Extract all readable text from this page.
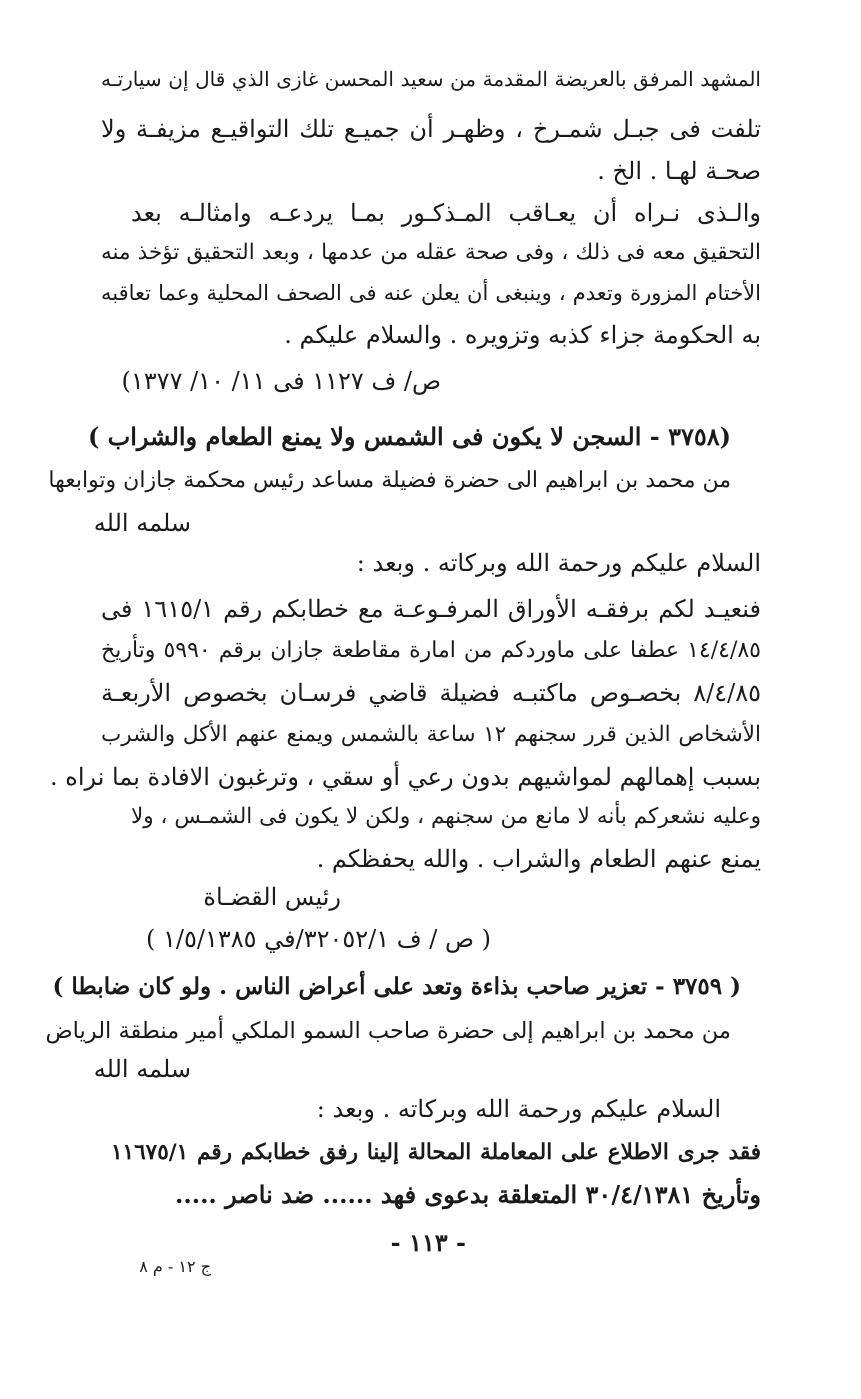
المشهد المرفق بالعريضة المقدمة من سعيد المحسن غازى الذي قال إن سيارتـه
تلفت فى جبـل شمـرخ ، وظهـر أن جميـع تلك التواقيـع مزيفـة ولا
صحـة لهـا . الخ .
والـذى نـراه أن يعـاقب المـذكـور بمـا يردعـه وامثالـه بعد
التحقيق معه فى ذلك ، وفى صحة عقله من عدمها ، وبعد التحقيق تؤخذ منه
الأختام المزورة وتعدم ، وينبغى أن يعلن عنه فى الصحف المحلية وعما تعاقبه
به الحكومة جزاء كذبه وتزويره . والسلام عليكم .
ص/ ف ١١٢٧ فى ١١/ ١٠/ ١٣٧٧)
(٣٧٥٨ - السجن لا يكون فى الشمس ولا يمنع الطعام والشراب )
من محمد بن ابراهيم الى حضرة فضيلة مساعد رئيس محكمة جازان وتوابعها
سلمه الله
السلام عليكم ورحمة الله وبركاته . وبعد :
فنعيـد لكم برفقـه الأوراق المرفـوعـة مع خطابكم رقم ١٦١٥/١ فى
١٤/٤/٨٥ عطفا على ماوردكم من امارة مقاطعة جازان برقم ٥٩٩٠ وتأريخ
٨/٤/٨٥ بخصـوص ماكتبـه فضيلة قاضي فرسـان بخصوص الأربعـة
الأشخاص الذين قرر سجنهم ١٢ ساعة بالشمس ويمنع عنهم الأكل والشرب
بسبب إهمالهم لمواشيهم بدون رعي أو سقي ، وترغبون الافادة بما نراه .
وعليه نشعركم بأنه لا مانع من سجنهم ، ولكن لا يكون فى الشمـس ، ولا
يمنع عنهم الطعام والشراب . والله يحفظكم .
رئيس القضـاة
( ص / ف ٣٢٠٥٢/١/في ١/٥/١٣٨٥ )
( ٣٧٥٩ - تعزير صاحب بذاءة وتعد على أعراض الناس . ولو كان ضابطا )
من محمد بن ابراهيم إلى حضرة صاحب السمو الملكي أمير منطقة الرياض
سلمه الله
السلام عليكم ورحمة الله وبركاته . وبعد :
فقد جرى الاطلاع على المعاملة المحالة إلينا رفق خطابكم رقم ١١٦٧٥/١
وتأريخ ٣٠/٤/١٣٨١ المتعلقة بدعوى فهد ...... ضد ناصر .....
- ١١٣ -
ج ١٢ - م ٨
